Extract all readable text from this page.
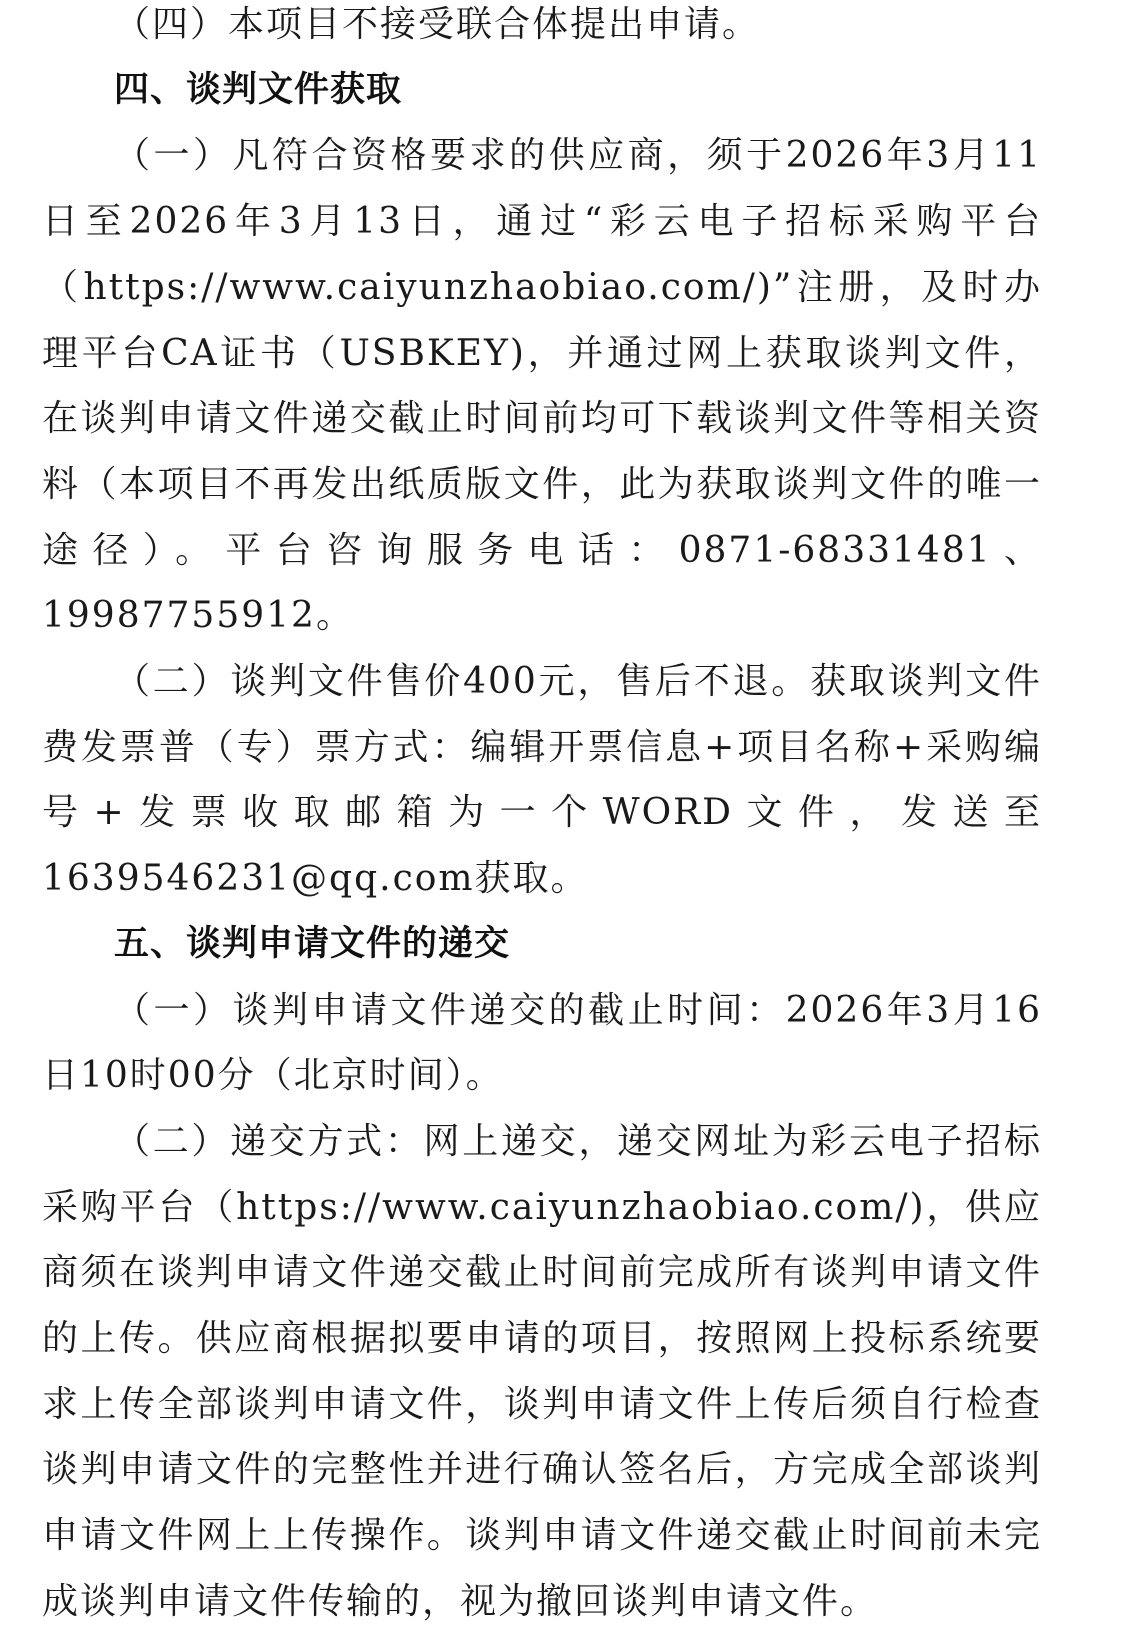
（四）本项目不接受联合体提出申请。

四、谈判文件获取

（一）凡符合资格要求的供应商，须于2026年3月11日至2026年3月13日，通过“彩云电子招标采购平台（https://www.caiyunzhaobiao.com/)”注册，及时办理平台CA证书（USBKEY)，并通过网上获取谈判文件，在谈判申请文件递交截止时间前均可下载谈判文件等相关资料（本项目不再发出纸质版文件，此为获取谈判文件的唯一途径）。平台咨询服务电话：0871-68331481、19987755912。

（二）谈判文件售价400元，售后不退。获取谈判文件费发票普（专）票方式：编辑开票信息+项目名称+采购编号+发票收取邮箱为一个WORD文件，发送至1639546231@qq.com获取。

五、谈判申请文件的递交

（一）谈判申请文件递交的截止时间：2026年3月16日10时00分（北京时间）。

（二）递交方式：网上递交，递交网址为彩云电子招标采购平台（https://www.caiyunzhaobiao.com/)，供应商须在谈判申请文件递交截止时间前完成所有谈判申请文件的上传。供应商根据拟要申请的项目，按照网上投标系统要求上传全部谈判申请文件，谈判申请文件上传后须自行检查谈判申请文件的完整性并进行确认签名后，方完成全部谈判申请文件网上上传操作。谈判申请文件递交截止时间前未完成谈判申请文件传输的，视为撤回谈判申请文件。
